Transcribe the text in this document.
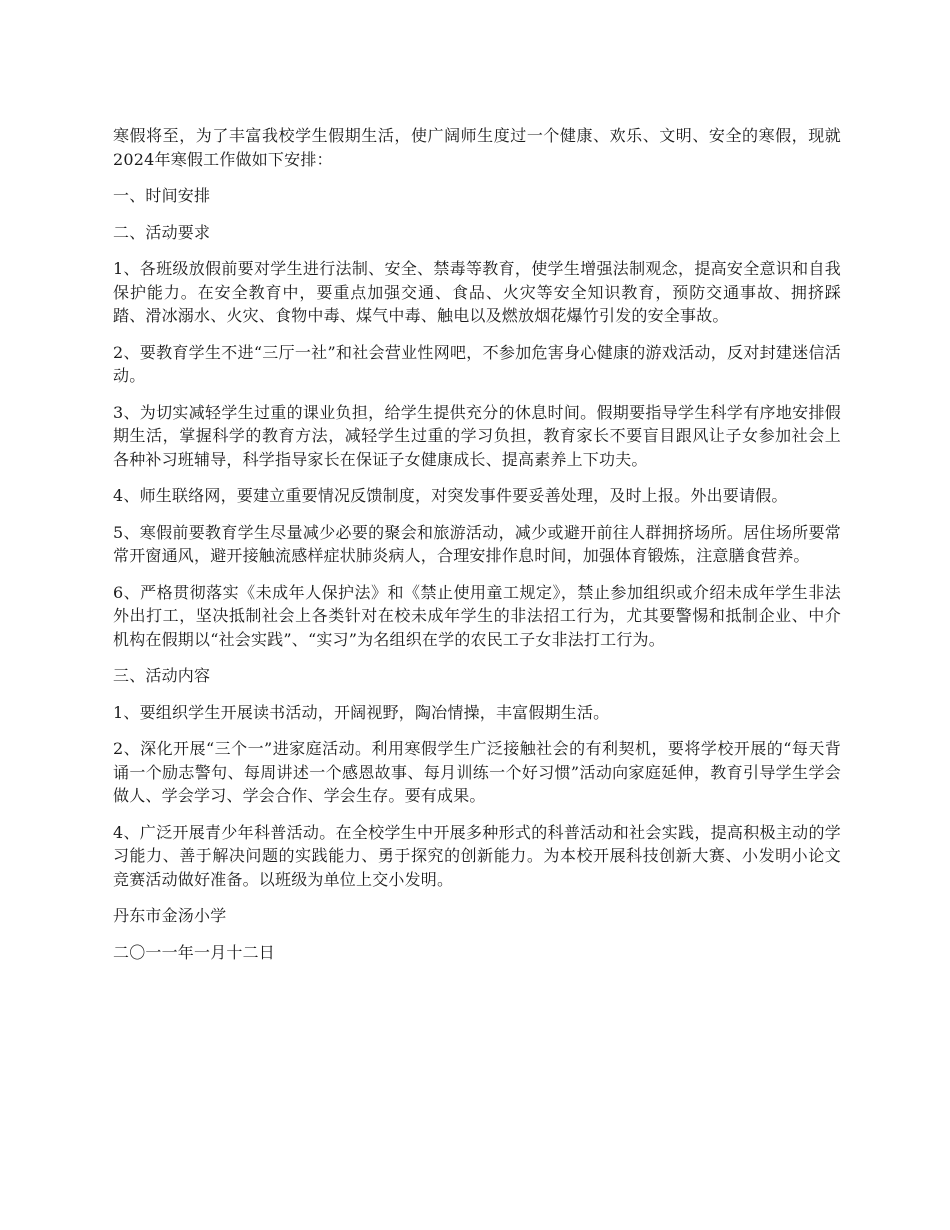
寒假将至，为了丰富我校学生假期生活，使广阔师生度过一个健康、欢乐、文明、安全的寒假，现就2024年寒假工作做如下安排：

一、时间安排

二、活动要求

1、各班级放假前要对学生进行法制、安全、禁毒等教育，使学生增强法制观念，提高安全意识和自我保护能力。在安全教育中，要重点加强交通、食品、火灾等安全知识教育，预防交通事故、拥挤踩踏、滑冰溺水、火灾、食物中毒、煤气中毒、触电以及燃放烟花爆竹引发的安全事故。

2、要教育学生不进“三厅一社”和社会营业性网吧，不参加危害身心健康的游戏活动，反对封建迷信活动。

3、为切实减轻学生过重的课业负担，给学生提供充分的休息时间。假期要指导学生科学有序地安排假期生活，掌握科学的教育方法，减轻学生过重的学习负担，教育家长不要盲目跟风让子女参加社会上各种补习班辅导，科学指导家长在保证子女健康成长、提高素养上下功夫。

4、师生联络网，要建立重要情况反馈制度，对突发事件要妥善处理，及时上报。外出要请假。

5、寒假前要教育学生尽量减少必要的聚会和旅游活动，减少或避开前往人群拥挤场所。居住场所要常常开窗通风，避开接触流感样症状肺炎病人，合理安排作息时间，加强体育锻炼，注意膳食营养。

6、严格贯彻落实《未成年人保护法》和《禁止使用童工规定》，禁止参加组织或介绍未成年学生非法外出打工，坚决抵制社会上各类针对在校未成年学生的非法招工行为，尤其要警惕和抵制企业、中介机构在假期以“社会实践”、“实习”为名组织在学的农民工子女非法打工行为。

三、活动内容

1、要组织学生开展读书活动，开阔视野，陶冶情操，丰富假期生活。

2、深化开展“三个一”进家庭活动。利用寒假学生广泛接触社会的有利契机，要将学校开展的“每天背诵一个励志警句、每周讲述一个感恩故事、每月训练一个好习惯”活动向家庭延伸，教育引导学生学会做人、学会学习、学会合作、学会生存。要有成果。

4、广泛开展青少年科普活动。在全校学生中开展多种形式的科普活动和社会实践，提高积极主动的学习能力、善于解决问题的实践能力、勇于探究的创新能力。为本校开展科技创新大赛、小发明小论文竞赛活动做好准备。以班级为单位上交小发明。

丹东市金汤小学

二〇一一年一月十二日
